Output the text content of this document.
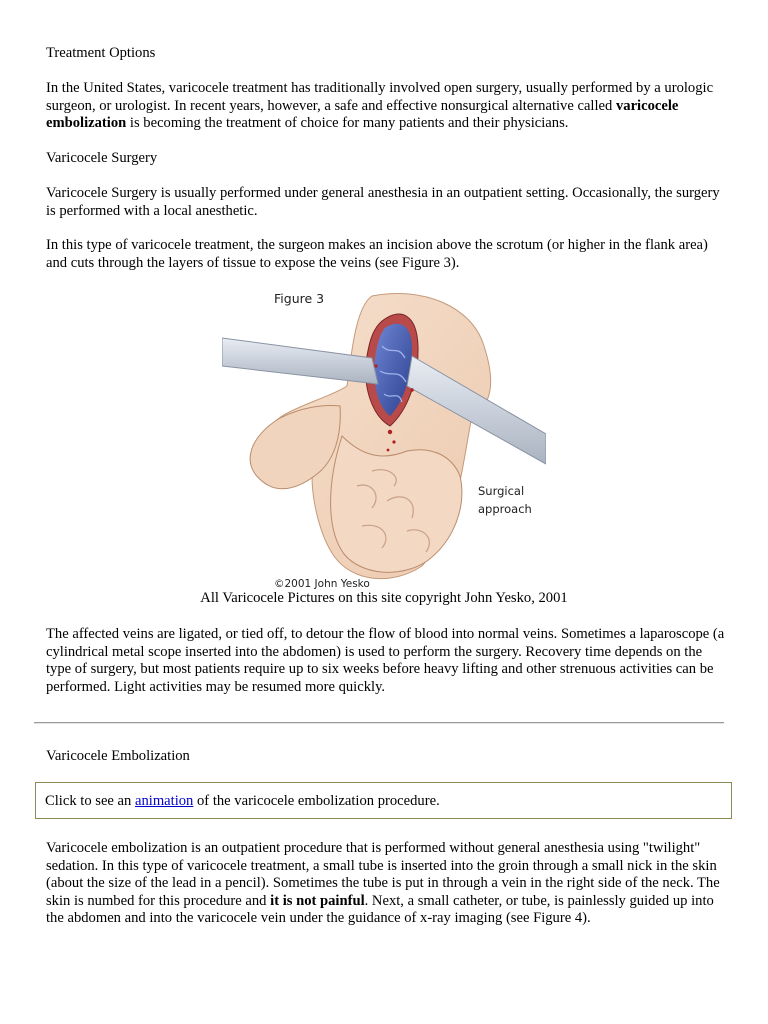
Treatment Options

In the United States, varicocele treatment has traditionally involved open surgery, usually performed by a urologic surgeon, or urologist. In recent years, however, a safe and effective nonsurgical alternative called varicocele embolization is becoming the treatment of choice for many patients and their physicians.

Varicocele Surgery

Varicocele Surgery is usually performed under general anesthesia in an outpatient setting. Occasionally, the surgery is performed with a local anesthetic.

In this type of varicocele treatment, the surgeon makes an incision above the scrotum (or higher in the flank area) and cuts through the layers of tissue to expose the veins (see Figure 3).

Figure 3
Surgical approach
©2001 John Yesko

All Varicocele Pictures on this site copyright John Yesko, 2001

The affected veins are ligated, or tied off, to detour the flow of blood into normal veins. Sometimes a laparoscope (a cylindrical metal scope inserted into the abdomen) is used to perform the surgery. Recovery time depends on the type of surgery, but most patients require up to six weeks before heavy lifting and other strenuous activities can be performed. Light activities may be resumed more quickly.

Varicocele Embolization

Click to see an animation of the varicocele embolization procedure.

Varicocele embolization is an outpatient procedure that is performed without general anesthesia using "twilight" sedation. In this type of varicocele treatment, a small tube is inserted into the groin through a small nick in the skin (about the size of the lead in a pencil). Sometimes the tube is put in through a vein in the right side of the neck. The skin is numbed for this procedure and it is not painful. Next, a small catheter, or tube, is painlessly guided up into the abdomen and into the varicocele vein under the guidance of x-ray imaging (see Figure 4).
